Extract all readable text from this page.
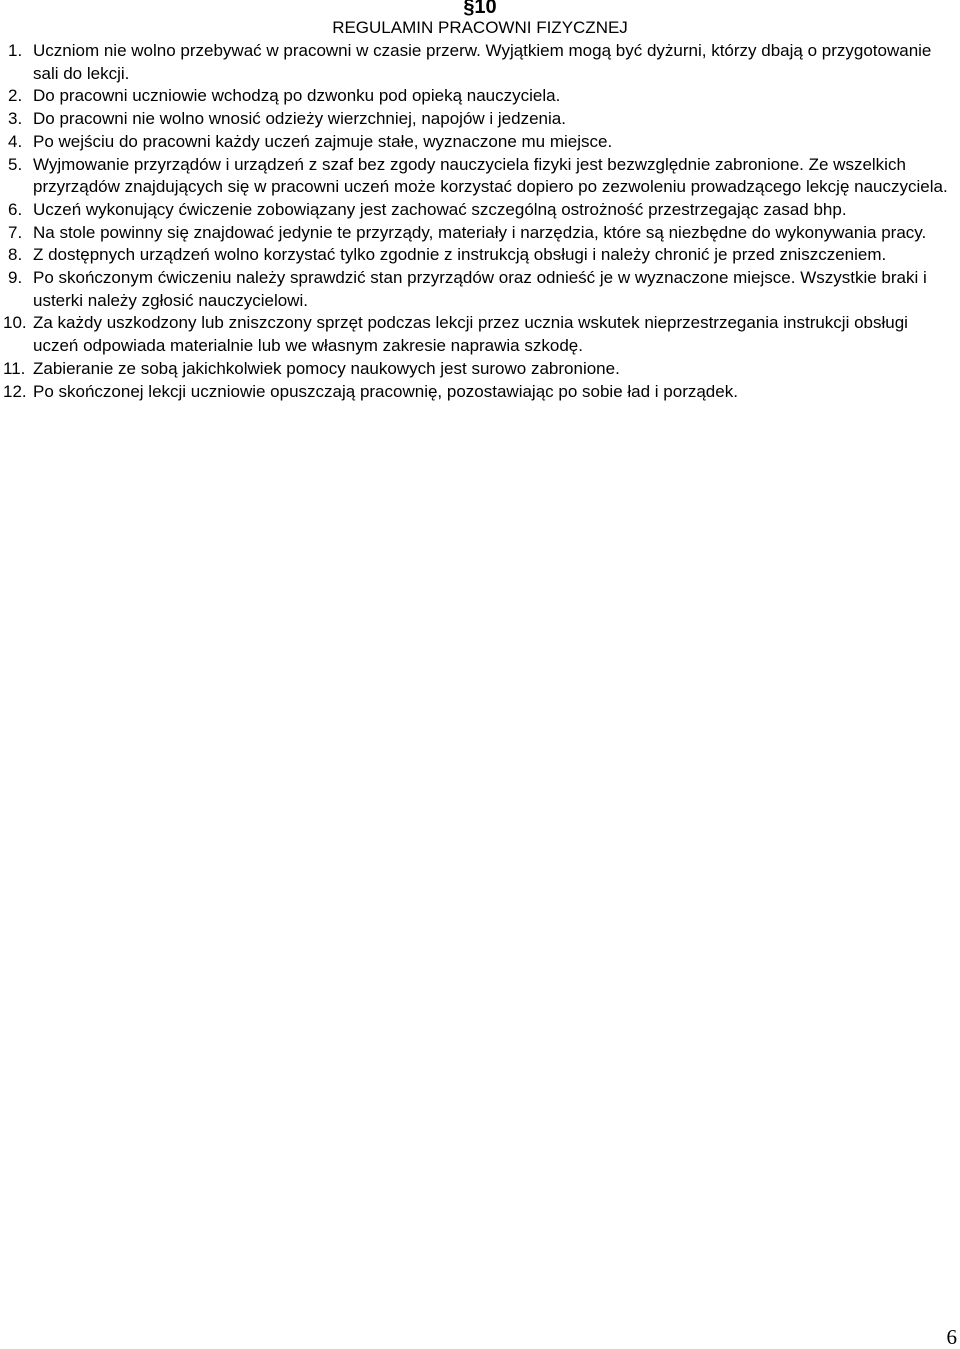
§10
REGULAMIN PRACOWNI FIZYCZNEJ
1. Uczniom nie wolno przebywać w pracowni w czasie przerw. Wyjątkiem mogą być dyżurni, którzy dbają o przygotowanie sali do lekcji.
2. Do pracowni uczniowie wchodzą po dzwonku pod opieką nauczyciela.
3. Do pracowni nie wolno wnosić odzieży wierzchniej, napojów i jedzenia.
4. Po wejściu do pracowni każdy uczeń zajmuje stałe, wyznaczone mu miejsce.
5. Wyjmowanie przyrządów i urządzeń z szaf bez zgody nauczyciela fizyki jest bezwzględnie zabronione. Ze wszelkich przyrządów znajdujących się w pracowni uczeń może korzystać dopiero po zezwoleniu prowadzącego lekcję nauczyciela.
6. Uczeń wykonujący ćwiczenie zobowiązany jest zachować szczególną ostrożność przestrzegając zasad bhp.
7. Na stole powinny się znajdować jedynie te przyrządy, materiały i narzędzia, które są niezbędne do wykonywania pracy.
8. Z dostępnych urządzeń wolno korzystać tylko zgodnie z instrukcją obsługi i należy chronić je przed zniszczeniem.
9. Po skończonym ćwiczeniu należy sprawdzić stan przyrządów oraz odnieść je w wyznaczone miejsce. Wszystkie braki i usterki należy zgłosić nauczycielowi.
10. Za każdy uszkodzony lub zniszczony sprzęt podczas lekcji przez ucznia wskutek nieprzestrzegania instrukcji obsługi uczeń odpowiada materialnie lub we własnym zakresie naprawia szkodę.
11. Zabieranie ze sobą jakichkolwiek pomocy naukowych jest surowo zabronione.
12. Po skończonej lekcji uczniowie opuszczają pracownię, pozostawiając po sobie ład i porządek.
6
